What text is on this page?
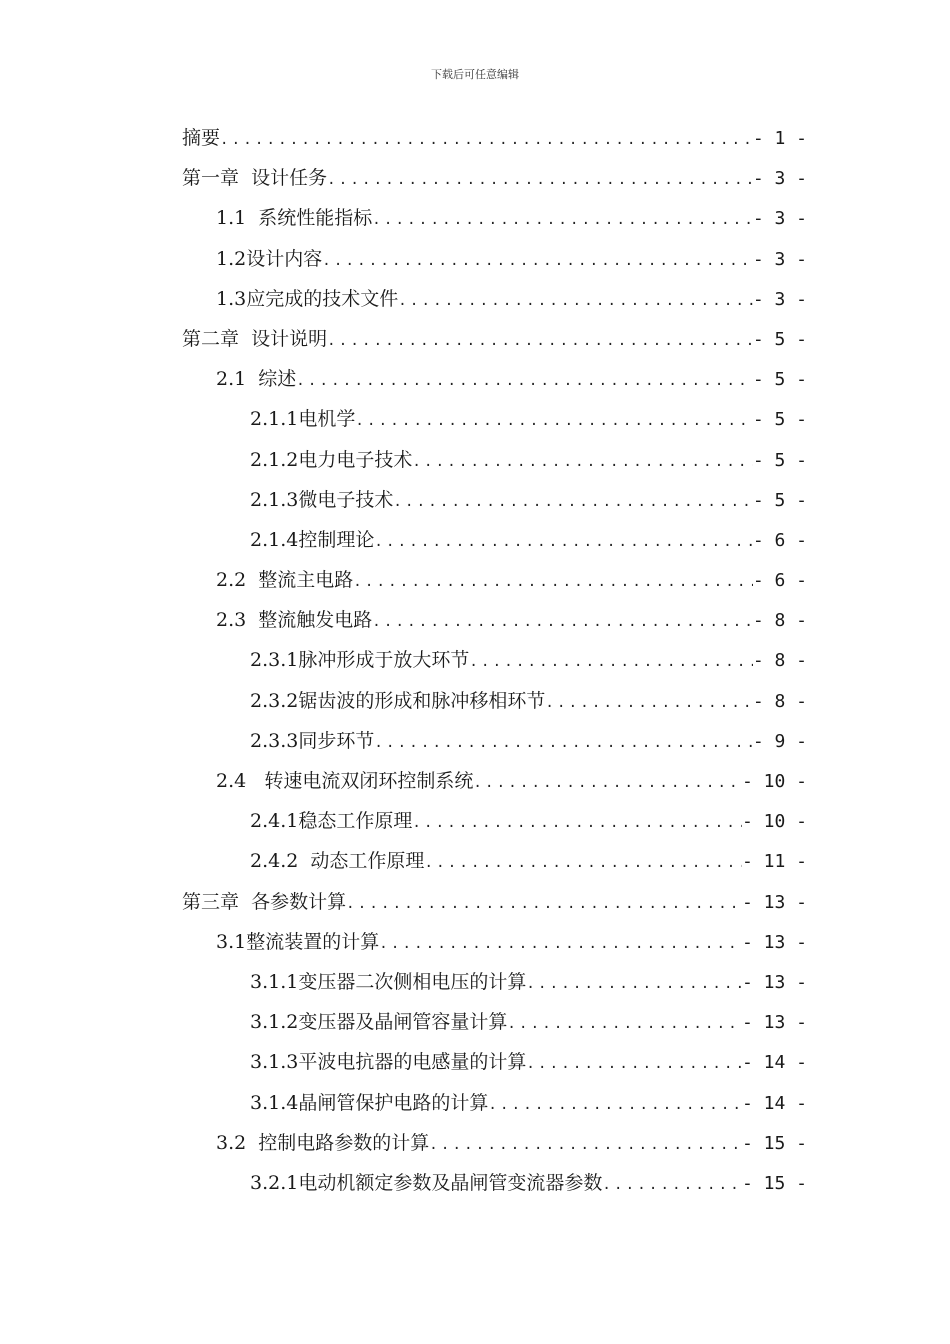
下载后可任意编辑
摘要 .....	- 1 -
第一章  设计任务 .....	- 3 -
1.1  系统性能指标 .....	- 3 -
1.2设计内容 .....	- 3 -
1.3应完成的技术文件 .....	- 3 -
第二章  设计说明 .....	- 5 -
2.1  综述 .....	- 5 -
2.1.1电机学 .....	- 5 -
2.1.2电力电子技术 .....	- 5 -
2.1.3微电子技术 .....	- 5 -
2.1.4控制理论 .....	- 6 -
2.2  整流主电路 .....	- 6 -
2.3  整流触发电路 .....	- 8 -
2.3.1脉冲形成于放大环节 .....	- 8 -
2.3.2锯齿波的形成和脉冲移相环节 .....	- 8 -
2.3.3同步环节 .....	- 9 -
2.4   转速电流双闭环控制系统 .....	- 10 -
2.4.1稳态工作原理 .....	- 10 -
2.4.2  动态工作原理 .....	- 11 -
第三章  各参数计算 .....	- 13 -
3.1整流装置的计算 .....	- 13 -
3.1.1变压器二次侧相电压的计算 .....	- 13 -
3.1.2变压器及晶闸管容量计算 .....	- 13 -
3.1.3平波电抗器的电感量的计算 .....	- 14 -
3.1.4晶闸管保护电路的计算 .....	- 14 -
3.2  控制电路参数的计算 .....	- 15 -
3.2.1电动机额定参数及晶闸管变流器参数 .....	- 15 -
